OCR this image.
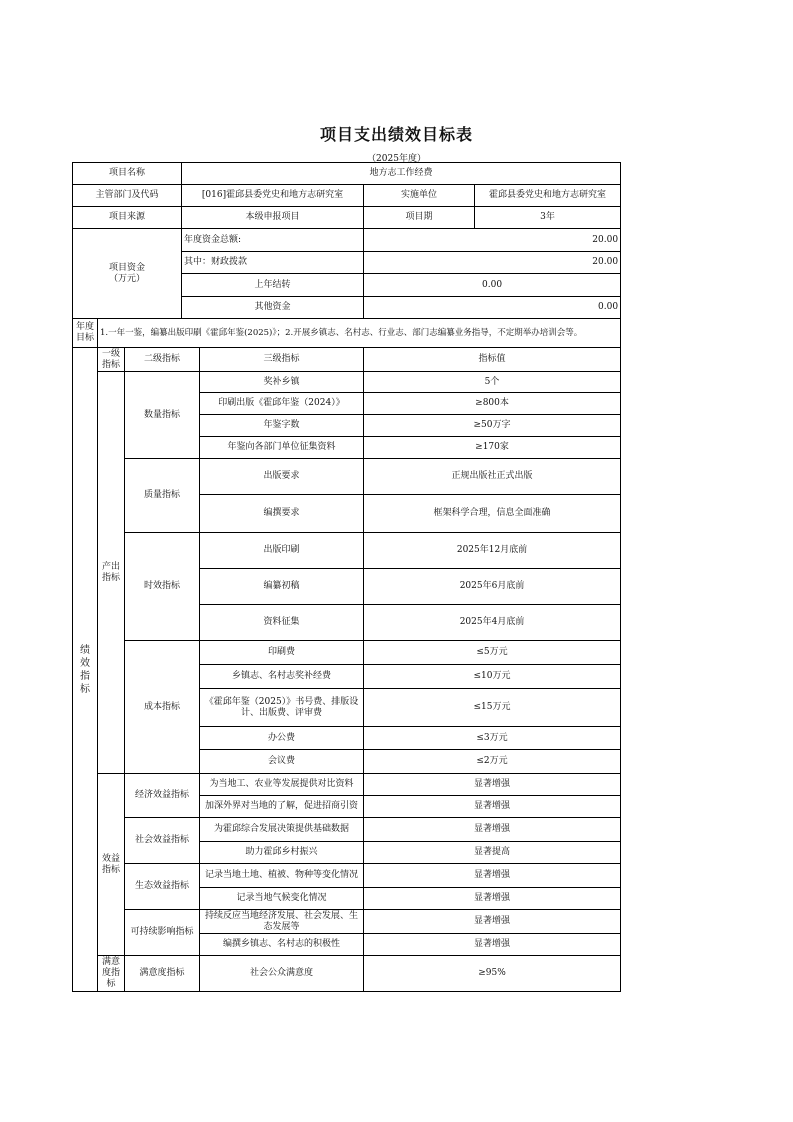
项目支出绩效目标表
（2025年度）
项目名称			地方志工作经费			
主管部门及代码			[016]霍邱县委党史和地方志研究室		实施单位	霍邱县委党史和地方志研究室
项目来源			本级申报项目		项目期	3年
项目资金
（万元）			年度资金总额:		20.00	
			其中：财政拨款		20.00	
			上年结转		0.00	
			其他资金		0.00	
年度
目标	1.一年一鉴，编纂出版印刷《霍邱年鉴(2025)》；2.开展乡镇志、名村志、行业志、部门志编纂业务指导，不定期举办培训会等。					
绩
效
指
标	一级
指标	二级指标		三级指标	指标值	
	产出
指标	数量指标		奖补乡镇	5个	
				印刷出版《霍邱年鉴（2024）》	≥800本	
				年鉴字数	≥50万字	
				年鉴向各部门单位征集资料	≥170家	
		质量指标		出版要求	正规出版社正式出版	
				编撰要求	框架科学合理，信息全面准确	
		时效指标		出版印刷	2025年12月底前	
				编纂初稿	2025年6月底前	
				资料征集	2025年4月底前	
		成本指标		印刷费	≤5万元	
				乡镇志、名村志奖补经费	≤10万元	
				《霍邱年鉴（2025）》书号费、排版设计、出版费、评审费	≤15万元	
				办公费	≤3万元	
				会议费	≤2万元	
	效益
指标	经济效益指标		为当地工、农业等发展提供对比资料	显著增强	
				加深外界对当地的了解，促进招商引资	显著增强	
		社会效益指标		为霍邱综合发展决策提供基础数据	显著增强	
				助力霍邱乡村振兴	显著提高	
		生态效益指标		记录当地土地、植被、物种等变化情况	显著增强	
				记录当地气候变化情况	显著增强	
		可持续影响指标		持续反应当地经济发展、社会发展、生态发展等	显著增强	
				编撰乡镇志、名村志的积极性	显著增强	
	满意
度指
标	满意度指标		社会公众满意度	≥95%	
